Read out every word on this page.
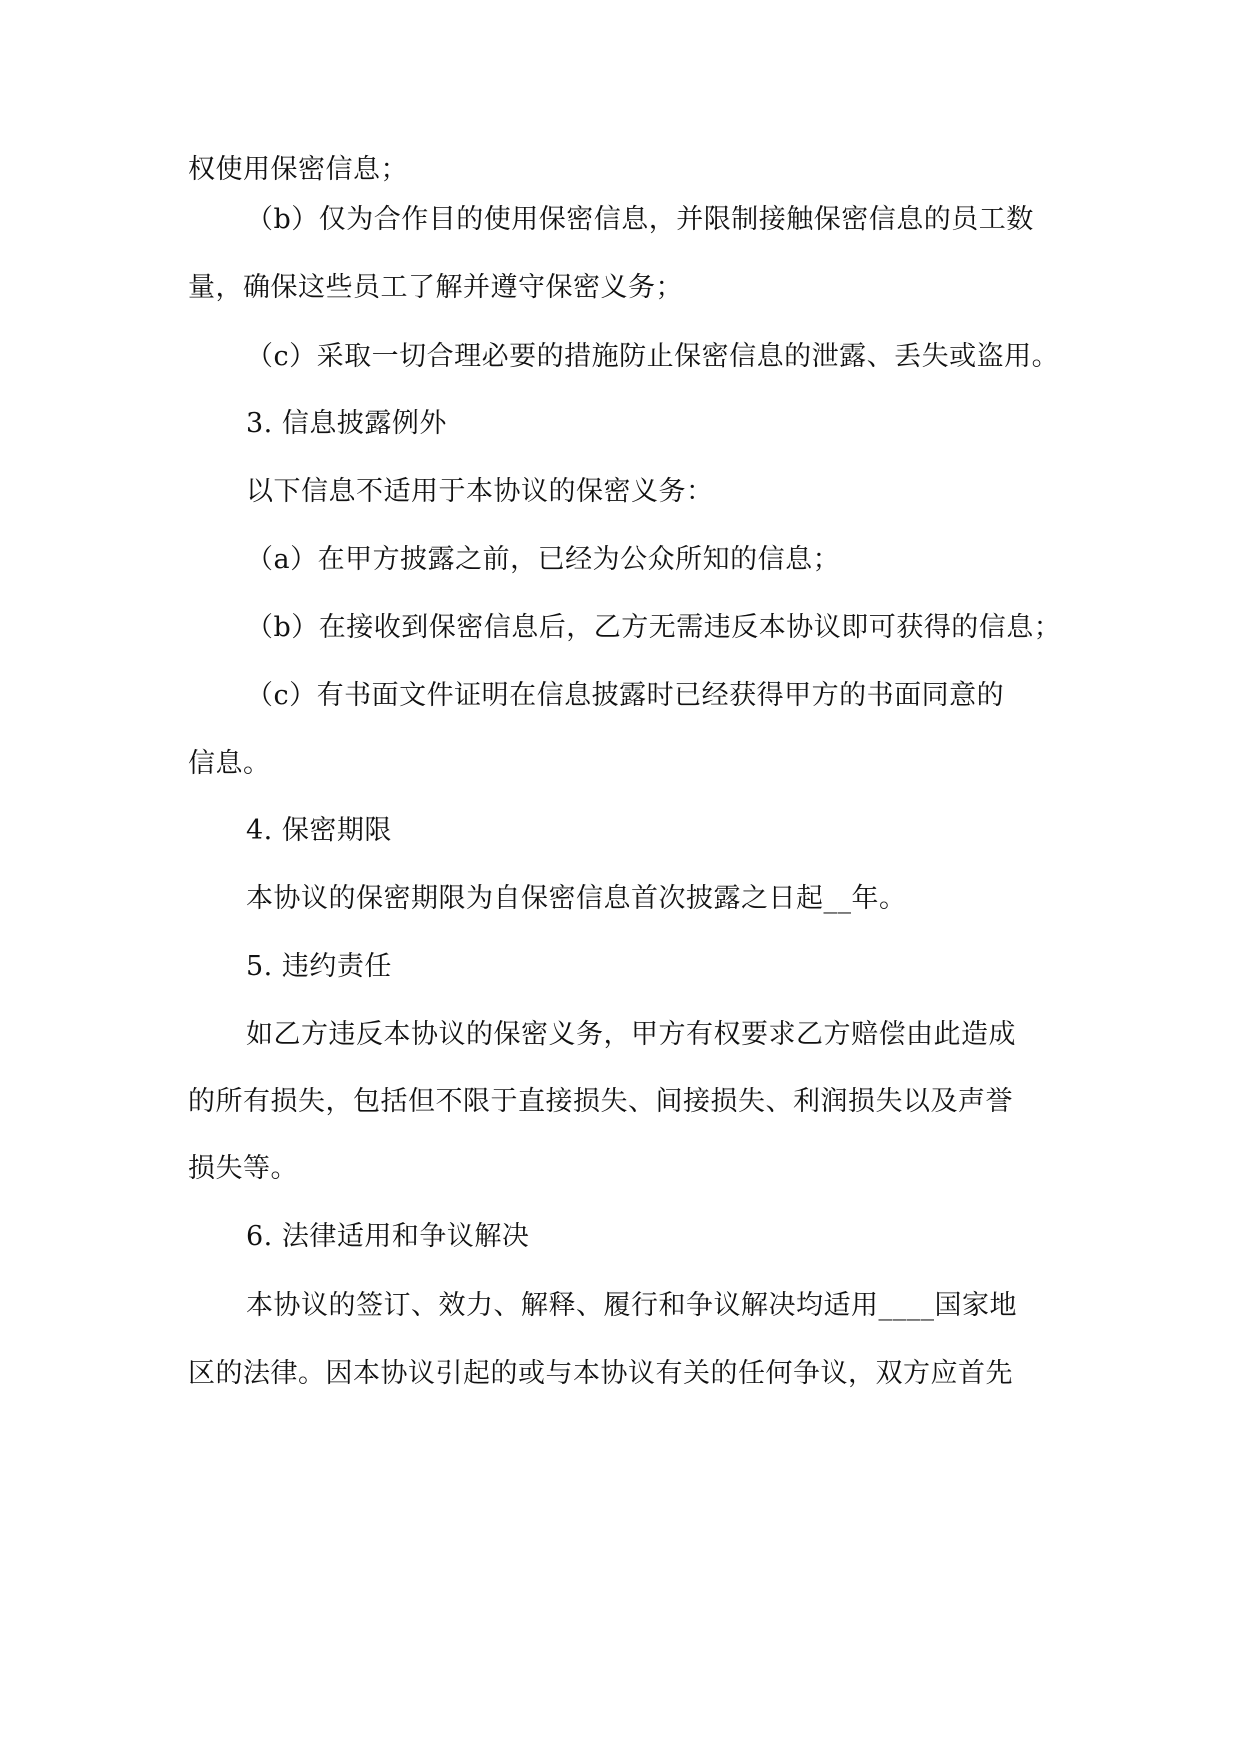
权使用保密信息；
（b）仅为合作目的使用保密信息，并限制接触保密信息的员工数
量，确保这些员工了解并遵守保密义务；
（c）采取一切合理必要的措施防止保密信息的泄露、丢失或盗用。
3. 信息披露例外
以下信息不适用于本协议的保密义务：
（a）在甲方披露之前，已经为公众所知的信息；
（b）在接收到保密信息后，乙方无需违反本协议即可获得的信息；
（c）有书面文件证明在信息披露时已经获得甲方的书面同意的
信息。
4. 保密期限
本协议的保密期限为自保密信息首次披露之日起__年。
5. 违约责任
如乙方违反本协议的保密义务，甲方有权要求乙方赔偿由此造成
的所有损失，包括但不限于直接损失、间接损失、利润损失以及声誉
损失等。
6. 法律适用和争议解决
本协议的签订、效力、解释、履行和争议解决均适用____国家地
区的法律。因本协议引起的或与本协议有关的任何争议，双方应首先
